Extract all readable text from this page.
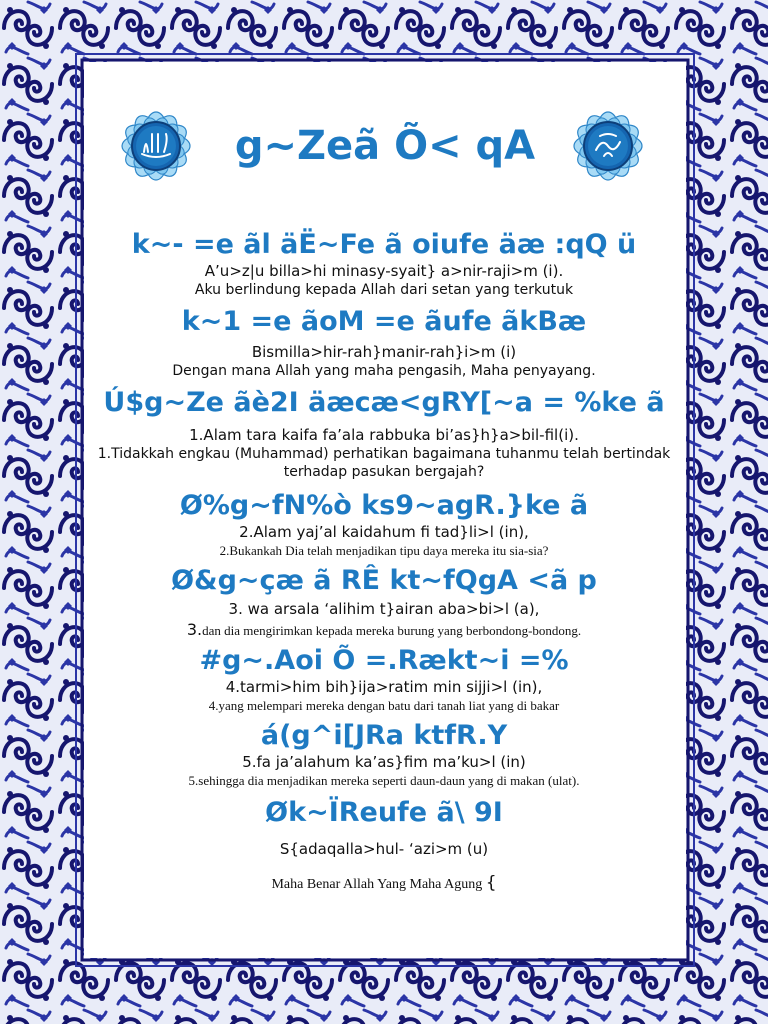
g~Zeã Õ< qA

k~- =e ãl äË~Fe ã oiufe äæ :qQ ü

A’u>z|u billa>hi minasy-syait} a>nir-raji>m (i).

Aku berlindung kepada Allah dari setan yang terkutuk

k~1 =e ãoM =e ãufe ãkBæ

Bismilla>hir-rah}manir-rah}i>m (i)

Dengan mana Allah yang maha pengasih, Maha penyayang.

Ú$g~Ze ãè2I äæcæ<gRY[~a = %ke ã

1.Alam tara kaifa fa’ala rabbuka bi’as}h}a>bil-fil(i).

1.Tidakkah engkau (Muhammad) perhatikan bagaimana tuhanmu telah bertindak terhadap pasukan bergajah?

Ø%g~fN%ò ks9~agR.}ke ã

2.Alam yaj’al kaidahum fi tad}li>l (in),

2.Bukankah Dia telah menjadikan tipu daya mereka itu sia-sia?

Ø&g~çæ ã RÊ kt~fQgA <ã p

3. wa arsala ‘alihim t}airan aba>bi>l (a),

3.dan dia mengirimkan kepada mereka burung yang berbondong-bondong.

#g~.Aoi Õ =.Rækt~i =%

4.tarmi>him bih}ija>ratim min sijji>l (in),

4.yang melempari mereka dengan batu dari tanah liat yang di bakar

á(g^i[JRa ktfR.Y

5.fa ja’alahum ka’as}fim ma’ku>l (in)

5.sehingga dia menjadikan mereka seperti daun-daun yang di makan (ulat).

Øk~ÏReufe ã\ 9I

S{adaqalla>hul- ‘azi>m (u)

Maha Benar Allah Yang Maha Agung {
